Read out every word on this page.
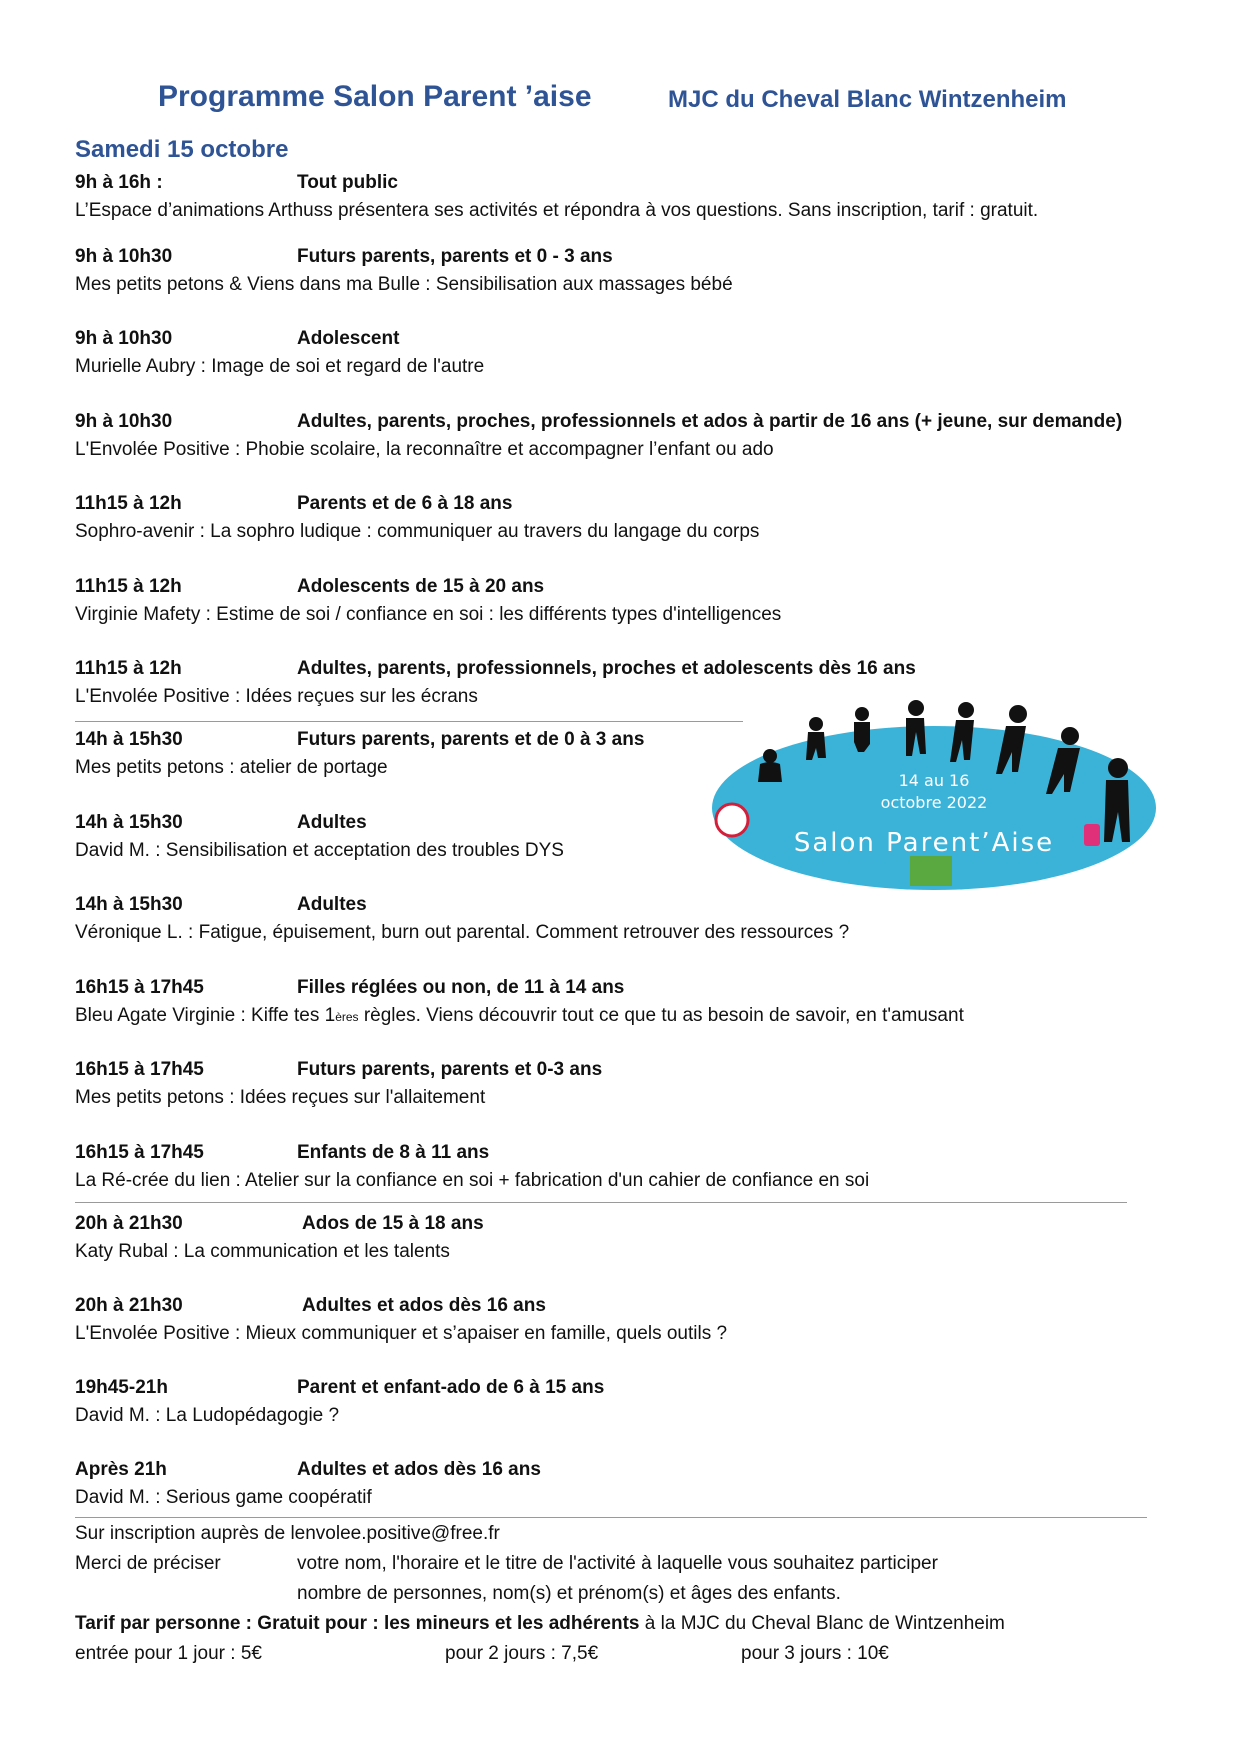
Programme Salon Parent ’aise	MJC du Cheval Blanc Wintzenheim
Samedi 15 octobre
9h à 16h :	Tout public
L’Espace d’animations Arthuss présentera ses activités et répondra à vos questions. Sans inscription, tarif : gratuit.
9h à 10h30	Futurs parents, parents et 0 - 3 ans
Mes petits petons & Viens dans ma Bulle : Sensibilisation aux massages bébé
9h à 10h30	Adolescent
Murielle Aubry : Image de soi et regard de l'autre
9h à 10h30	Adultes, parents, proches, professionnels et ados à partir de 16 ans (+ jeune, sur demande)
L'Envolée Positive : Phobie scolaire, la reconnaître et accompagner l’enfant ou ado
11h15 à 12h	Parents et de 6 à 18 ans
Sophro-avenir : La sophro ludique : communiquer au travers du langage du corps
11h15 à 12h	Adolescents de 15 à 20 ans
Virginie Mafety : Estime de soi / confiance en soi : les différents types d'intelligences
11h15 à 12h	Adultes, parents, professionnels, proches et adolescents dès 16 ans
L'Envolée Positive : Idées reçues sur les écrans
14h à 15h30	Futurs parents, parents et de 0 à 3 ans
Mes petits petons : atelier de portage
14h à 15h30	Adultes
David M. : Sensibilisation et acceptation des troubles DYS
14h à 15h30	Adultes
Véronique L. : Fatigue, épuisement, burn out parental. Comment retrouver des ressources ?
16h15 à 17h45	Filles réglées ou non, de 11 à 14 ans
Bleu Agate Virginie : Kiffe tes 1ères règles. Viens découvrir tout ce que tu as besoin de savoir, en t'amusant
16h15 à 17h45	Futurs parents, parents et 0-3 ans
Mes petits petons : Idées reçues sur l'allaitement
16h15 à 17h45	Enfants de 8 à 11 ans
La Ré-crée du lien : Atelier sur la confiance en soi + fabrication d'un cahier de confiance en soi
20h à 21h30	Ados de 15 à 18 ans
Katy Rubal : La communication et les talents
20h à 21h30	Adultes et ados dès 16 ans
L'Envolée Positive : Mieux communiquer et s’apaiser en famille, quels outils ?
19h45-21h	Parent et enfant-ado de 6 à 15 ans
David M. : La Ludopédagogie ?
Après 21h	Adultes et ados dès 16 ans
David M. : Serious game coopératif
Sur inscription auprès de lenvolee.positive@free.fr
Merci de préciser	votre nom, l'horaire et le titre de l'activité à laquelle vous souhaitez participer
nombre de personnes, nom(s) et prénom(s) et âges des enfants.
Tarif par personne : Gratuit pour : les mineurs et les adhérents à la MJC du Cheval Blanc de Wintzenheim
entrée pour 1 jour : 5€	pour 2 jours : 7,5€	pour 3 jours : 10€
14 au 16
octobre 2022
Salon Parent’Aise
